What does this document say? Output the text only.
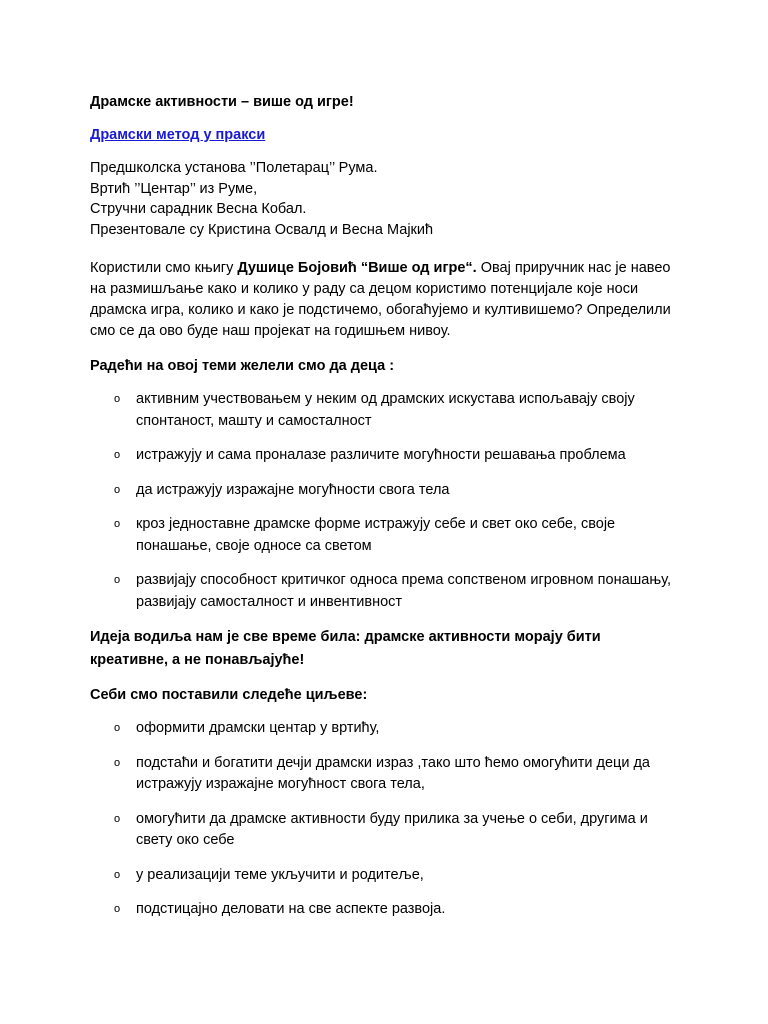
Драмске активности – више од игре!
Драмски метод у пракси

Предшколска установа ’’Полетарац’’ Рума.

Вртић ’’Центар’’ из Руме,

Стручни сарадник Весна Кобал.

Презентовале су Кристина Освалд и Весна Мајкић

Користили смо књигу Душице Бојовић “Више од игре“. Овај приручник нас је навео на размишљање како и колико у раду са децом користимо потенцијале које носи драмска игра, колико и како је подстичемо, обогаћујемо и култивишемо? Определили смо се да ово буде наш пројекат на годишњем нивоу.

Радећи на овој теми желели смо да деца :
o активним учествовањем у неким од драмских искустава испољавају своју спонтаност, машту и самосталност
o истражују и сама проналазе различите могућности решавања проблема
o да истражују изражајне могућности свога тела
o кроз једноставне драмске форме истражују себе и свет око себе, своје понашање, своје односе са светом
o развијају способност критичког односа према сопственом игровном понашању, развијају самосталност и инвентивност
Идеја водиља нам је све време била: драмске активности морају бити креативне, а не понављајуће!
Себи смо поставили следеће циљеве:
o оформити драмски центар у вртићу,
o подстаћи и богатити дечји драмски израз ,тако што ћемо омогућити деци да истражују изражајне могућност свога тела,
o омогућити да драмске активности буду прилика за учење о себи, другима и свету око себе
o у реализацији теме укључити и родитеље,
o подстицајно деловати на све аспекте развоја.
